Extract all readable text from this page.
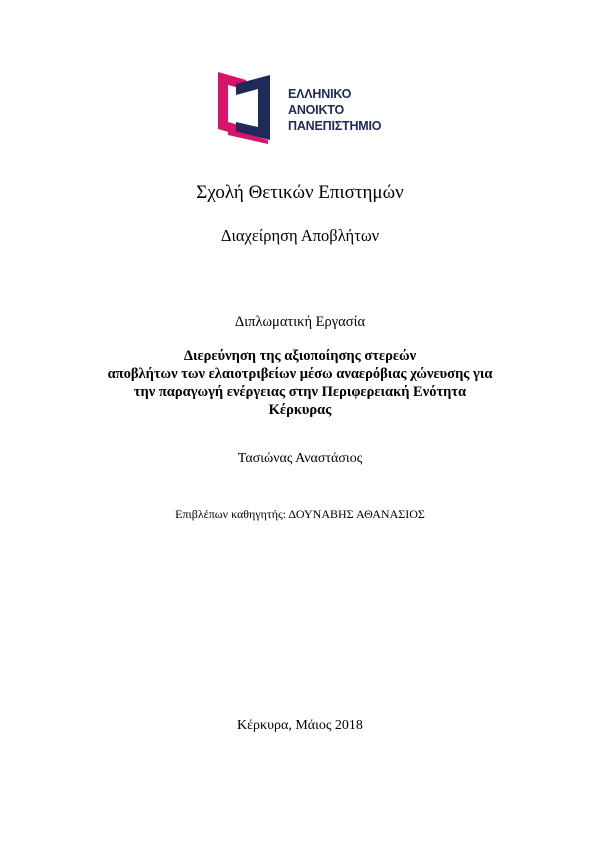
ΕΛΛΗΝΙΚΟ
ΑΝΟΙΚΤΟ
ΠΑΝΕΠΙΣΤΗΜΙΟ
Σχολή Θετικών Επιστημών
Διαχείρηση Αποβλήτων
Διπλωματική Εργασία
Διερεύνηση της αξιοποίησης στερεών
αποβλήτων των ελαιοτριβείων μέσω αναερόβιας χώνευσης για
την παραγωγή ενέργειας στην Περιφερειακή Ενότητα
Κέρκυρας
Τασιώνας Αναστάσιος
Επιβλέπων καθηγητής: ΔΟΥΝΑΒΗΣ ΑΘΑΝΑΣΙΟΣ
Κέρκυρα, Μάιος 2018
